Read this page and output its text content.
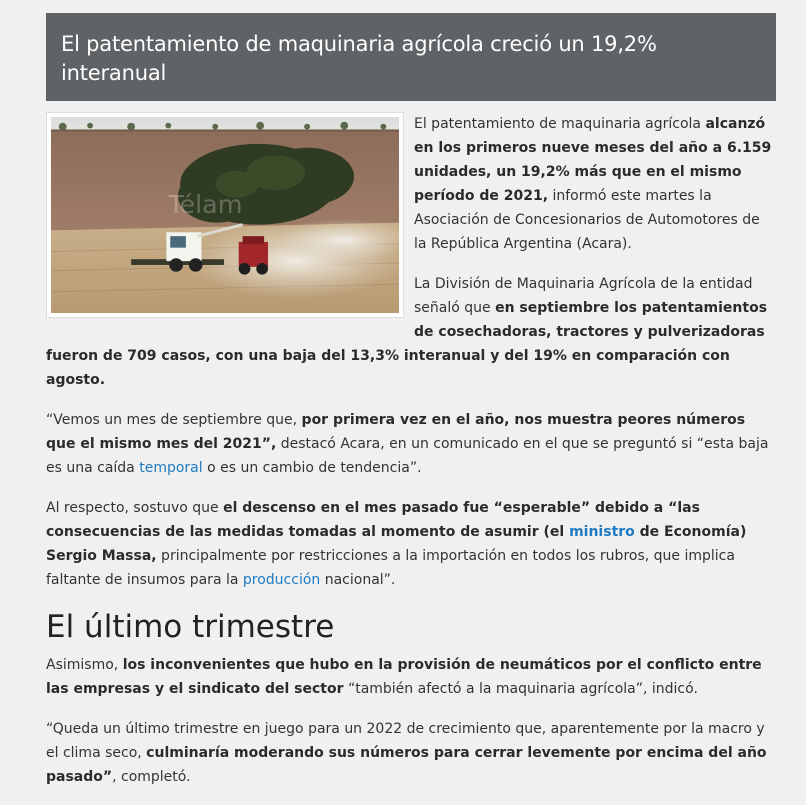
El patentamiento de maquinaria agrícola creció un 19,2% interanual
Télam

El patentamiento de maquinaria agrícola alcanzó en los primeros nueve meses del año a 6.159 unidades, un 19,2% más que en el mismo período de 2021, informó este martes la Asociación de Concesionarios de Automotores de la República Argentina (Acara).

La División de Maquinaria Agrícola de la entidad señaló que en septiembre los patentamientos de cosechadoras, tractores y pulverizadoras fueron de 709 casos, con una baja del 13,3% interanual y del 19% en comparación con agosto.

“Vemos un mes de septiembre que, por primera vez en el año, nos muestra peores números que el mismo mes del 2021”, destacó Acara, en un comunicado en el que se preguntó si “esta baja es una caída temporal o es un cambio de tendencia”.

Al respecto, sostuvo que el descenso en el mes pasado fue “esperable” debido a “las consecuencias de las medidas tomadas al momento de asumir (el ministro de Economía) Sergio Massa, principalmente por restricciones a la importación en todos los rubros, que implica faltante de insumos para la producción nacional”.

El último trimestre

Asimismo, los inconvenientes que hubo en la provisión de neumáticos por el conflicto entre las empresas y el sindicato del sector “también afectó a la maquinaria agrícola”, indicó.

“Queda un último trimestre en juego para un 2022 de crecimiento que, aparentemente por la macro y el clima seco, culminaría moderando sus números para cerrar levemente por encima del año pasado”, completó.
